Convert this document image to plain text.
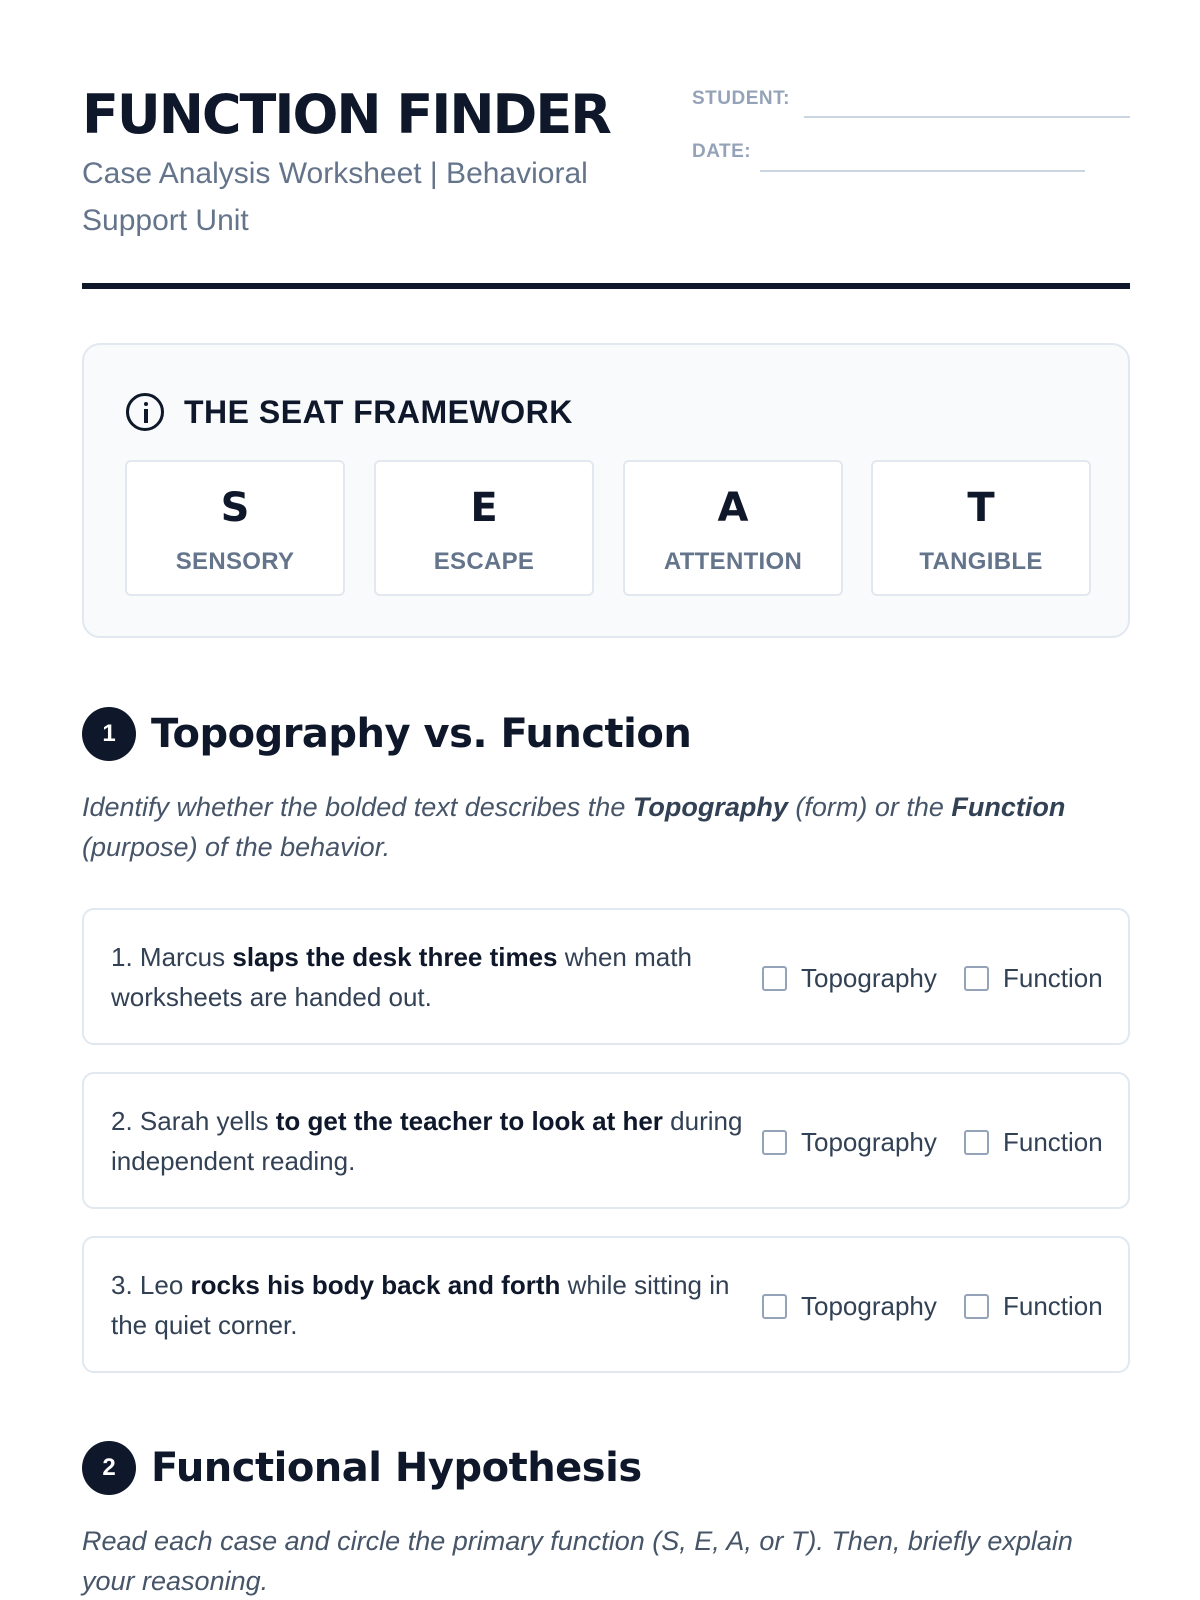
FUNCTION FINDER
Case Analysis Worksheet | Behavioral Support Unit
STUDENT:
DATE:
THE SEAT FRAMEWORK
S
SENSORY
E
ESCAPE
A
ATTENTION
T
TANGIBLE
1 Topography vs. Function
Identify whether the bolded text describes the Topography (form) or the Function (purpose) of the behavior.
1. Marcus slaps the desk three times when math worksheets are handed out.
Topography	Function
2. Sarah yells to get the teacher to look at her during independent reading.
Topography	Function
3. Leo rocks his body back and forth while sitting in the quiet corner.
Topography	Function
2 Functional Hypothesis
Read each case and circle the primary function (S, E, A, or T). Then, briefly explain your reasoning.
